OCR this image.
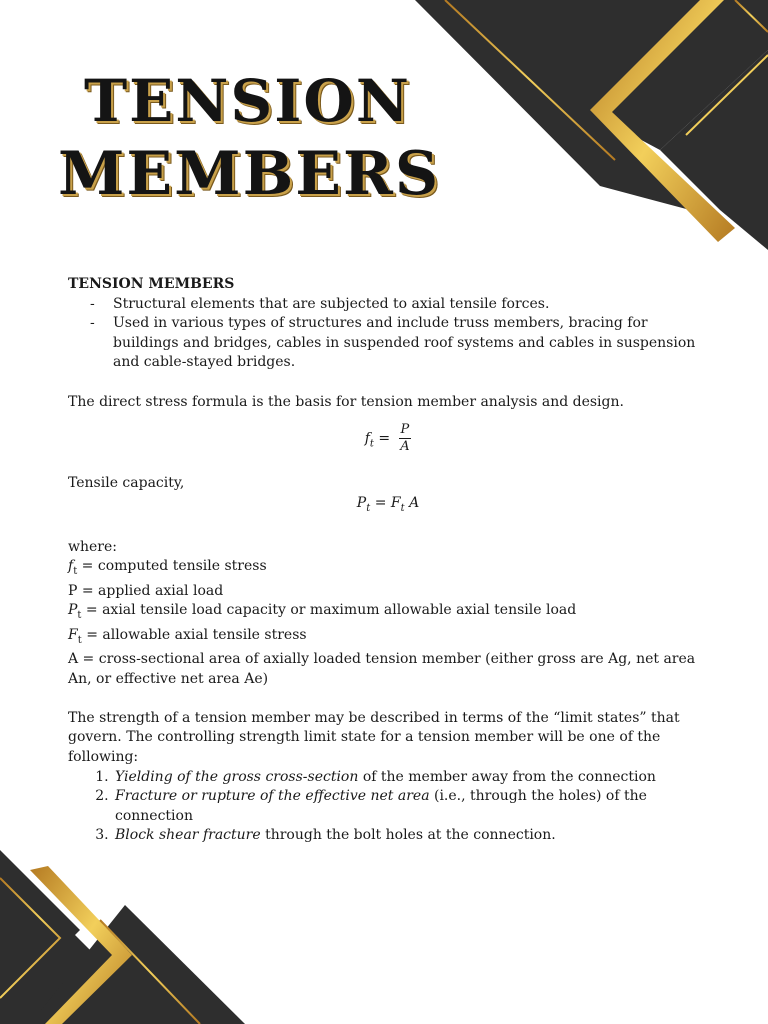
TENSION
MEMBERS
TENSION MEMBERS
- Structural elements that are subjected to axial tensile forces.
- Used in various types of structures and include truss members, bracing for buildings and bridges, cables in suspended roof systems and cables in suspension and cable-stayed bridges.

The direct stress formula is the basis for tension member analysis and design.

$f_t = \frac{P}{A}$

Tensile capacity,

$P_t = F_t$ A

where:

$f_t$ = computed tensile stress
P = applied axial load
$P_t$ = axial tensile load capacity or maximum allowable axial tensile load
$F_t$ = allowable axial tensile stress
A = cross-sectional area of axially loaded tension member (either gross are Ag, net area An, or effective net area Ae)

The strength of a tension member may be described in terms of the “limit states” that govern. The controlling strength limit state for a tension member will be one of the following:

1. Yielding of the gross cross-section of the member away from the connection
2. Fracture or rupture of the effective net area (i.e., through the holes) of the connection
3. Block shear fracture through the bolt holes at the connection.
